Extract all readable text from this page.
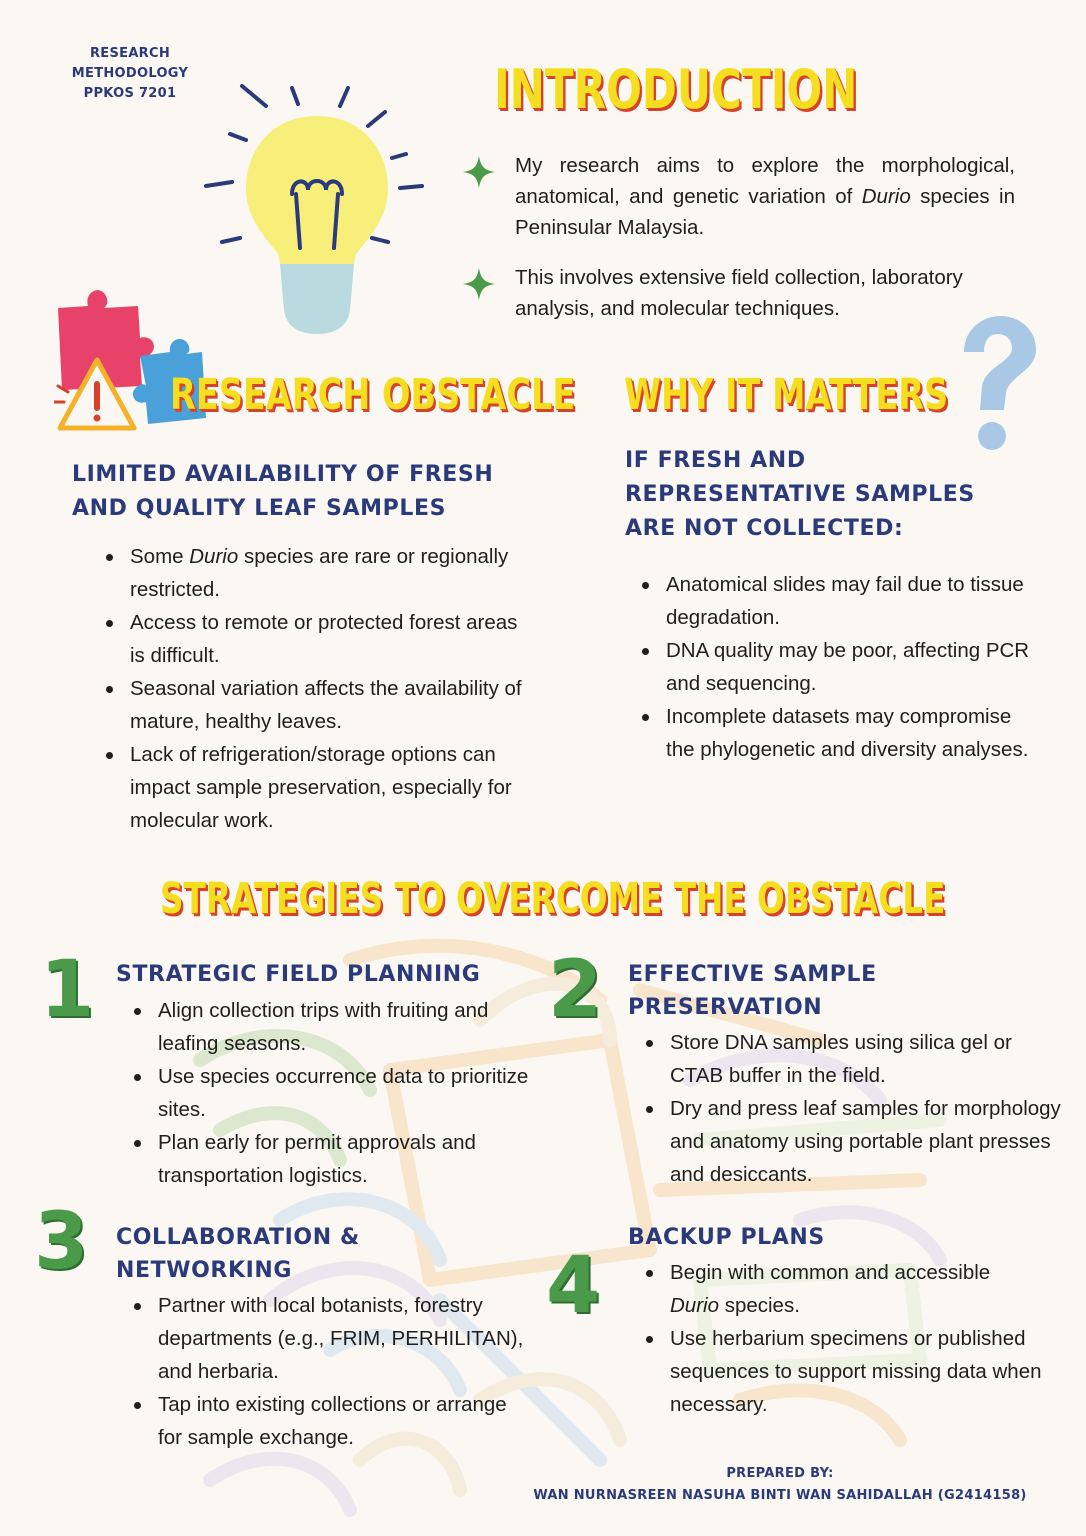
RESEARCH METHODOLOGY
PPKOS 7201	INTRODUCTION
My research aims to explore the morphological, anatomical, and genetic variation of Durio species in Peninsular Malaysia.
This involves extensive field collection, laboratory analysis, and molecular techniques.
RESEARCH OBSTACLE
LIMITED AVAILABILITY OF FRESH
AND QUALITY LEAF SAMPLES
Some Durio species are rare or regionally restricted.
Access to remote or protected forest areas is difficult.
Seasonal variation affects the availability of mature, healthy leaves.
Lack of refrigeration/storage options can impact sample preservation, especially for molecular work.
WHY IT MATTERS
IF FRESH AND
REPRESENTATIVE SAMPLES
ARE NOT COLLECTED:
Anatomical slides may fail due to tissue degradation.
DNA quality may be poor, affecting PCR and sequencing.
Incomplete datasets may compromise the phylogenetic and diversity analyses.
STRATEGIES TO OVERCOME THE OBSTACLE
1 STRATEGIC FIELD PLANNING
Align collection trips with fruiting and leafing seasons.
Use species occurrence data to prioritize sites.
Plan early for permit approvals and transportation logistics.
2 EFFECTIVE SAMPLE
PRESERVATION
Store DNA samples using silica gel or CTAB buffer in the field.
Dry and press leaf samples for morphology and anatomy using portable plant presses and desiccants.
3 COLLABORATION &
NETWORKING
Partner with local botanists, forestry departments (e.g., FRIM, PERHILITAN), and herbaria.
Tap into existing collections or arrange for sample exchange.
4
BACKUP PLANS
Begin with common and accessible Durio species.
Use herbarium specimens or published sequences to support missing data when necessary.
PREPARED BY:
WAN NURNASREEN NASUHA BINTI WAN SAHIDALLAH (G2414158)
